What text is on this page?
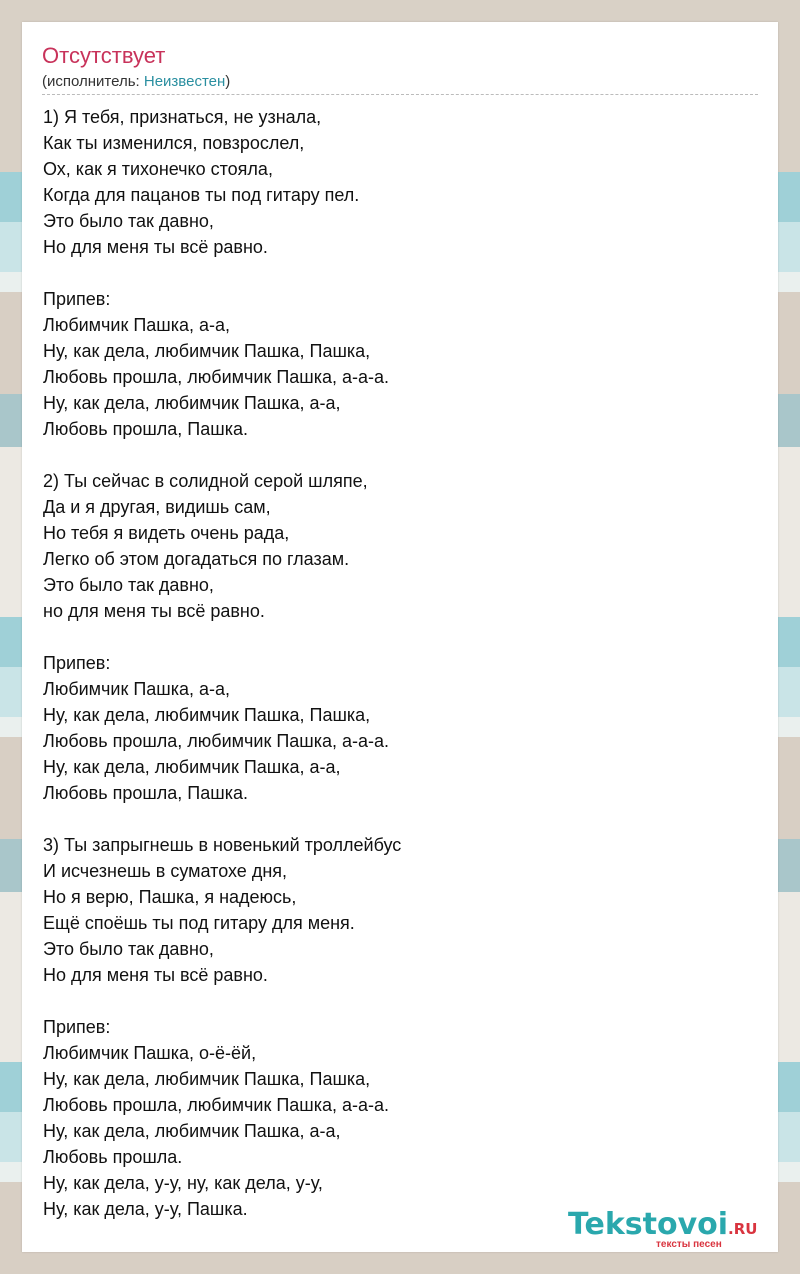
Отсутствует
(исполнитель: Неизвестен)
1) Я тебя, признаться, не узнала,
Как ты изменился, повзрослел,
Ох, как я тихонечко стояла,
Когда для пацанов ты под гитару пел.
Это было так давно,
Но для меня ты всё равно.
Припев:
Любимчик Пашка, а-а,
Ну, как дела, любимчик Пашка, Пашка,
Любовь прошла, любимчик Пашка, а-а-а.
Ну, как дела, любимчик Пашка, а-а,
Любовь прошла, Пашка.
2) Ты сейчас в солидной серой шляпе,
Да и я другая, видишь сам,
Но тебя я видеть очень рада,
Легко об этом догадаться по глазам.
Это было так давно,
но для меня ты всё равно.
Припев:
Любимчик Пашка, а-а,
Ну, как дела, любимчик Пашка, Пашка,
Любовь прошла, любимчик Пашка, а-а-а.
Ну, как дела, любимчик Пашка, а-а,
Любовь прошла, Пашка.
3) Ты запрыгнешь в новенький троллейбус
И исчезнешь в суматохе дня,
Но я верю, Пашка, я надеюсь,
Ещё споёшь ты под гитару для меня.
Это было так давно,
Но для меня ты всё равно.
Припев:
Любимчик Пашка, о-ё-ёй,
Ну, как дела, любимчик Пашка, Пашка,
Любовь прошла, любимчик Пашка, а-а-а.
Ну, как дела, любимчик Пашка, а-а,
Любовь прошла.
Ну, как дела, у-у, ну, как дела, у-у,
Ну, как дела, у-у, Пашка.	Tekstovoi.RU
тексты песен
